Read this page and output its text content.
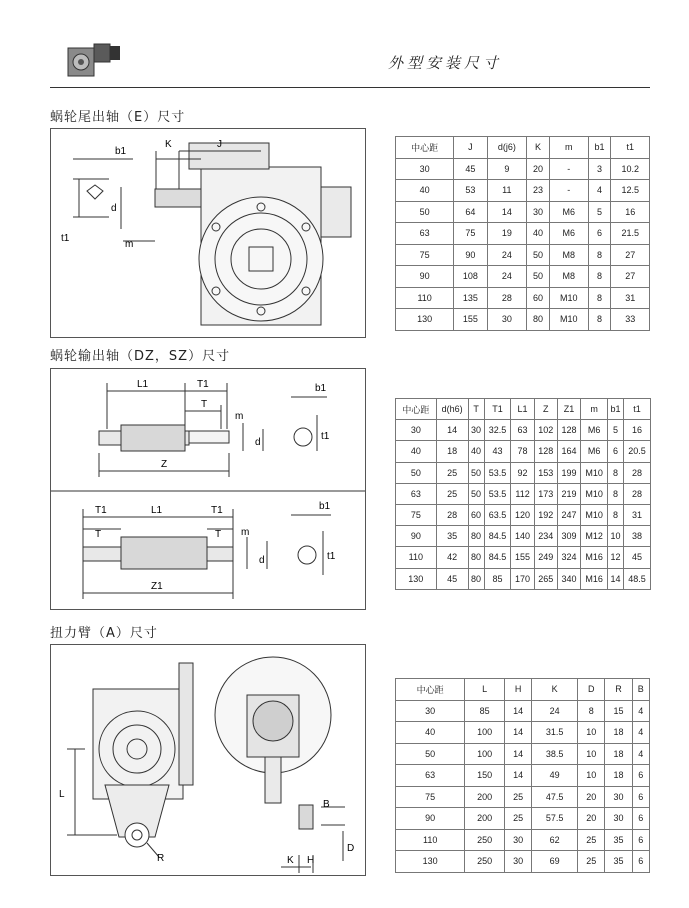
外型安装尺寸
蜗轮尾出轴（E）尺寸
b1
K	J
d
m
t1
中心距	J	d(j6)	K	m	b1	t1
30	45	9	20	-	3	10.2
40	53	11	23	-	4	12.5
50	64	14	30	M6	5	16
63	75	19	40	M6	6	21.5
75	90	24	50	M8	8	27
90	108	24	50	M8	8	27
110	135	28	60	M10	8	31
130	155	30	80	M10	8	33
蜗轮输出轴（DZ，SZ）尺寸
L1	T1
T
m
d
Z
b1
t1
T1	L1	T1
T	T m
d
Z1
b1
t1
中心距	d(h6)	T	T1	L1	Z	Z1	m	b1	t1
30	14	30	32.5	63	102	128	M6	5	16
40	18	40	43	78	128	164	M6	6	20.5
50	25	50	53.5	92	153	199	M10	8	28
63	25	50	53.5	112	173	219	M10	8	28
75	28	60	63.5	120	192	247	M10	8	31
90	35	80	84.5	140	234	309	M12	10	38
110	42	80	84.5	155	249	324	M16	12	45
130	45	80	85	170	265	340	M16	14	48.5
扭力臂（A）尺寸
L
R
B
K H
D
中心距	L	H	K	D	R	B
30	85	14	24	8	15	4
40	100	14	31.5	10	18	4
50	100	14	38.5	10	18	4
63	150	14	49	10	18	6
75	200	25	47.5	20	30	6
90	200	25	57.5	20	30	6
110	250	30	62	25	35	6
130	250	30	69	25	35	6
